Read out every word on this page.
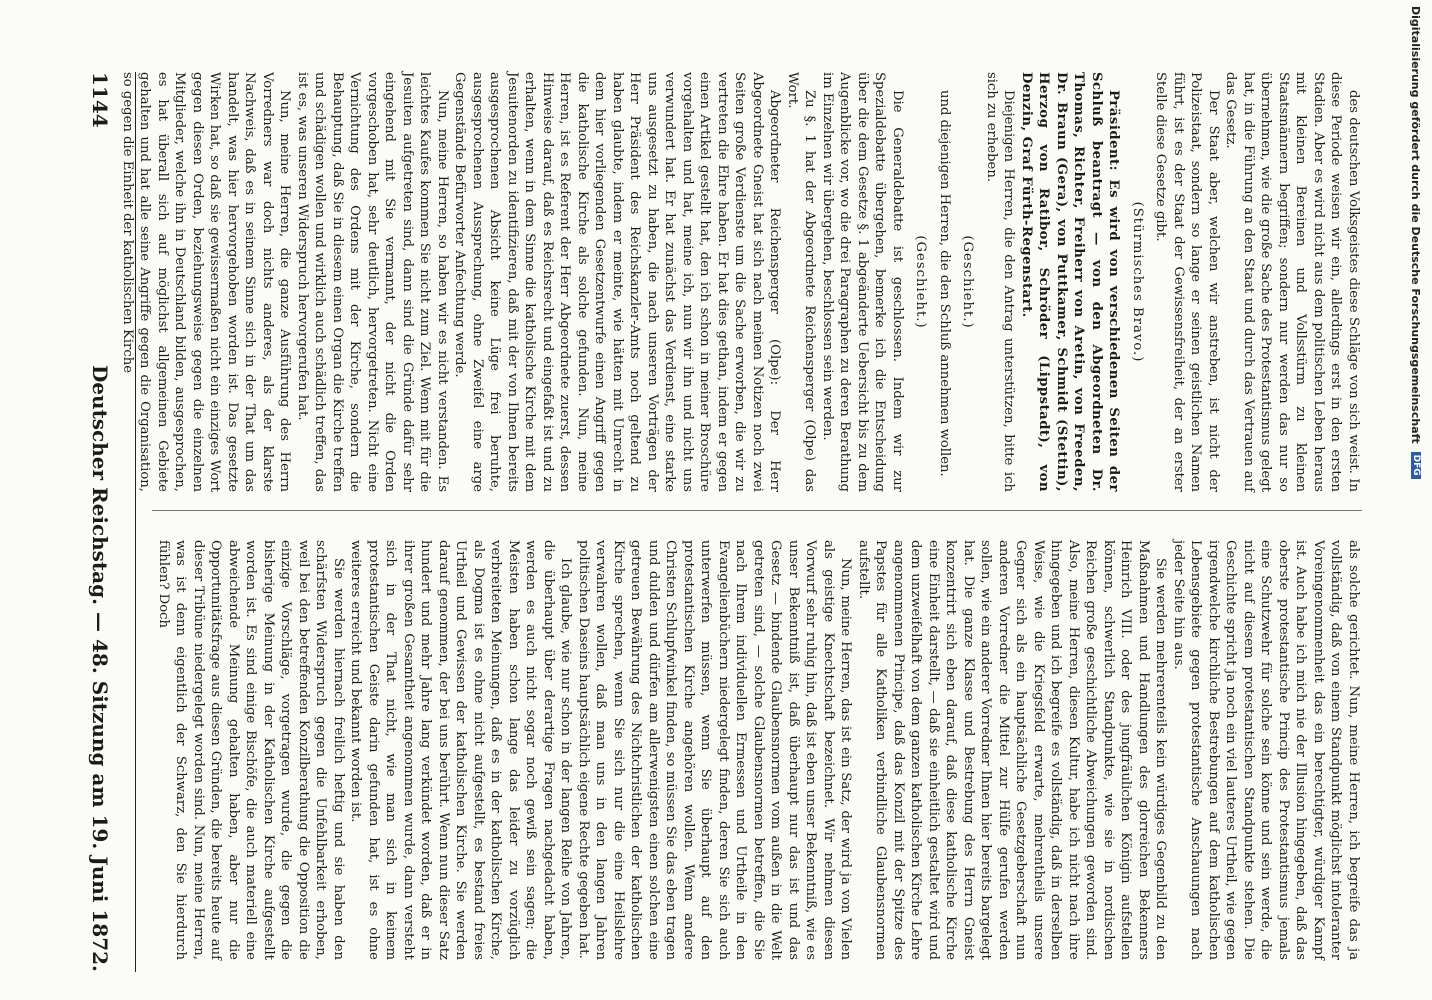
des deutschen Volksgeistes diese Schläge von sich weist. In diese Periode weisen wir ein, allerdings erst in den ersten Stadien. Aber es wird nicht aus dem politischen Leben heraus mit kleinen Bereinen und Vollsstürm zu kleinen Staatsmännern begriffen; sondern nur werden das nur so übernehmen, wie die große Sache des Protestantismus gelegt hat, in die Führung an den Staat und durch das Vertrauen auf das Gesetz.

Der Staat aber, welchen wir anstreben, ist nicht der Polizeistaat, sondern so lange er seinen geistlichen Namen führt, ist es der Staat der Gewissensfreiheit, der an erster Stelle diese Gesetze gibt.

(Stürmisches Bravo.)

Präsident: Es wird von verschiedenen Seiten der Schluß beantragt — von den Abgeordneten Dr. Thomas, Richter, Freiherr von Aretin, von Freeden, Dr. Braun (Gera), von Puttkamer, Schmidt (Stettin), Herzog von Ratibor, Schröder (Lippstadt), von Denzin, Graf Fürth-Regenstart.

Diejenigen Herren, die den Antrag unterstützen, bitte ich sich zu erheben.

(Geschieht.)

und diejenigen Herren, die den Schluß annehmen wollen.

(Geschieht.)

Die Generaldebatte ist geschlossen. Indem wir zur Spezialdebatte übergehen, bemerke ich die Entscheidung über die dem Gesetze §. 1 abgeänderte Uebersicht bis zu dem Augenblicke vor, wo die drei Paragraphen zu deren Berathung im Einzelnen wir übergehen, beschlossen sein werden.

Zu §. 1 hat der Abgeordnete Reichensperger (Olpe) das Wort.

Abgeordneter Reichensperger (Olpe): Der Herr Abgeordnete Gneist hat sich nach meinen Notizen noch zwei Seiten große Verdienste um die Sache erworben, die wir zu vertreten die Ehre haben. Er hat dies gethan, indem er gegen einen Artikel gestellt hat, den ich schon in meiner Broschüre vorgehalten und hat, meine ich, nun wir ihn und nicht uns verwundert hat. Er hat zunächst das Verdienst, eine starke uns ausgesetzt zu haben, die nach unseren Vorträgen der Herr Präsident des Reichskanzler-Amts noch geltend zu haben glaubte, indem er meinte, wie hätten mit Unrecht in dem hier vorliegenden Gesetzentwurfe einen Angriff gegen die katholische Kirche als solche gefunden. Nun, meine Herren, ist es Referent der Herr Abgeordnete zuerst, dessen Hinweise darauf, daß es Reichsrecht und eingefaßt ist und zu erhalten, wenn in dem Sinne die katholische Kirche mit dem Jesuitenorden zu identifizieren, daß mit der von Ihnen bereits ausgesprochenen Absicht keine Lüge frei beruhte, ausgesprochenen Aussprechung, ohne Zweifel eine arge Gegenstände Befürworter Anfechtung werde.

Nun, meine Herren, so haben wir es nicht verstanden. Es leichtes Kaufes kommen Sie nicht zum Ziel. Wenn mit für die Jesuiten aufgetreten sind, dann sind die Gründe dafür sehr eingehend mit Sie vermannt, der nicht die Orden vorgeschoben hat, sehr deutlich, hervorgetreten. Nicht eine Vernichtung des Ordens mit der Kirche, sondern die Behauptung, daß Sie in diesem einen Organ die Kirche treffen und schädigen wollen und wirklich auch schädlich treffen, das ist es, was unseren Widerspruch hervorgerufen hat.

Nun, meine Herren, die ganze Ausführung des Herrn Vorredners war doch nichts anderes, als der klarste Nachweis, daß es in seinem Sinne sich in der That um das handelt, was hier hervorgehoben worden ist. Das gesetzte Wirken hat, so daß sie gewissermaßen nicht ein einziges Wort gegen diesen Orden, beziehungsweise gegen die einzelnen Mitglieder, welche ihn in Deutschland bilden, ausgesprochen, es hat überall sich auf möglichst allgemeinen Gebiete gehalten und hat alle seine Angriffe gegen die Organisation, so gegen die Einheit der katholischen Kirche

als solche gerichtet. Nun, meine Herren, ich begreife das ja vollständig, daß von einem Standpunkt möglichst intoleranter Voreingenommenheit das ein berechtigter, würdiger Kampf ist. Auch habe ich mich nie der Illusion hingegeben, daß das oberste protestantische Princip des Protestantismus jemals eine Schutzwehr für solche sein könne und sein werde, die nicht auf diesem protestantischen Standpunkte stehen. Die Geschichte spricht ja noch ein viel lauteres Urtheil, wie gegen irgendwelche kirchliche Bestrebungen auf dem katholischen Lebensgebiete gegen protestantische Anschauungen nach jeder Seite hin aus.

Sie werden mehrerenteils kein würdiges Gegenbild zu den Maßnahmen und Handlungen des glorreichen Bekenners Heinrich VIII. oder des jungfräulichen Königin aufstellen können, schwerlich Standpunkte, wie sie in nordischen Reichen große geschichtliche Abweichungen geworden sind. Also, meine Herren, diesen Kultur, habe ich nicht nach ihre hingegeben und ich begreife es vollständig, daß in derselben Weise, wie die Kriegsfeld erwarte, mehrentheils unsere Gegner sich als ein hauptsächliche Gesetzgeberschaft nun anderen Vorredner die Mittel zur Hülfe gerufen werden sollen, wie ein anderer Vorredner Ihnen hier bereits bargelegt hat. Die ganze Klasse und Bestrebung des Herrn Gneist konzentrirt sich eben darauf, daß diese katholische Kirche eine Einheit darstellt, — daß sie einheitlich gestaltet wird und dem unzweifelhaft von dem ganzen katholischen Kirche Lehre angenommenen Principe, daß das Konzil mit der Spitze des Papstes für alle Katholiken verbindliche Glaubensnormen aufstellt.

Nun, meine Herren, das ist ein Satz, der wird ja von Vielen als geistige Knechtschaft bezeichnet. Wir nehmen diesen Vorwurf sehr ruhig hin, daß ist eben unser Bekenntniß, wie es unser Bekenntniß ist, daß überhaupt nur das ist und das Gesetz — bindende Glaubensnormen vom außen in die Welt getreten sind, — solche Glaubensnormen betreffen, die Sie nach Ihrem individuellen Ermessen und Urtheile in den Evangelienbüchern niedergelegt finden, deren Sie sich auch unterwerfen müssen, wenn Sie überhaupt auf den protestantischen Kirche angehören wollen. Wenn andere Christen Schlupfwinkel finden, so müssen Sie das eben tragen und dulden und dürfen am allerwenigsten einen solchen eine getreuen Bewährung des Nichtchristlichen der katholischen Kirche sprechen, wenn Sie sich nur die eine Heilslehre verwahren wollen, daß man uns in den langen Jahren politischen Daseins hauptsächlich eigene Rechte gegeben hat.

Ich glaube, wie nur schon in der langen Reihe von Jahren, die überhaupt über derartige Fragen nachgedacht haben, werden es auch nicht sogar noch gewiß sein sagen; die Meisten haben schon lange das leider zu vorzüglich verbreiteten Meinungen, daß es in der katholischen Kirche, als Dogma ist es ohne nicht aufgestellt, es bestand freies Urtheil und Gewissen der katholischen Kirche. Sie werden darauf genommen, der bei uns berührt. Wenn nun dieser Satz hundert und mehr Jahre lang verkündet worden, daß er in ihrer großen Gesamtheit angenommen wurde, dann versteht sich in der That nicht, wie man sich in keinem protestantischen Geiste darin gefunden hat, ist es ohne weiteres erreicht und bekannt worden ist.

Sie werden hiernach freilich heftig und sie haben den schärfsten Widerspruch gegen die Unfehlbarkeit erhoben, weil bei den betreffenden Konzilberathung die Opposition die einzige Vorschläge, vorgetragen wurde, die gegen die bisherige Meinung in der Katholischen Kirche aufgestellt worden ist. Es sind einige Bischöfe, die auch materiell eine abweichende Meinung gehalten haben, aber nur die Opportunitätsfrage aus diesen Gründen, die bereits heute auf dieser Tribüne niedergelegt worden sind. Nun, meine Herren, was ist denn eigentlich der Schwarz, den Sie hierdurch fühlen? Doch

1144
Deutscher Reichstag. — 48. Sitzung am 19. Juni 1872.
Digitalisierung gefördert durch die Deutsche Forschungsgemeinschaft
DFG
